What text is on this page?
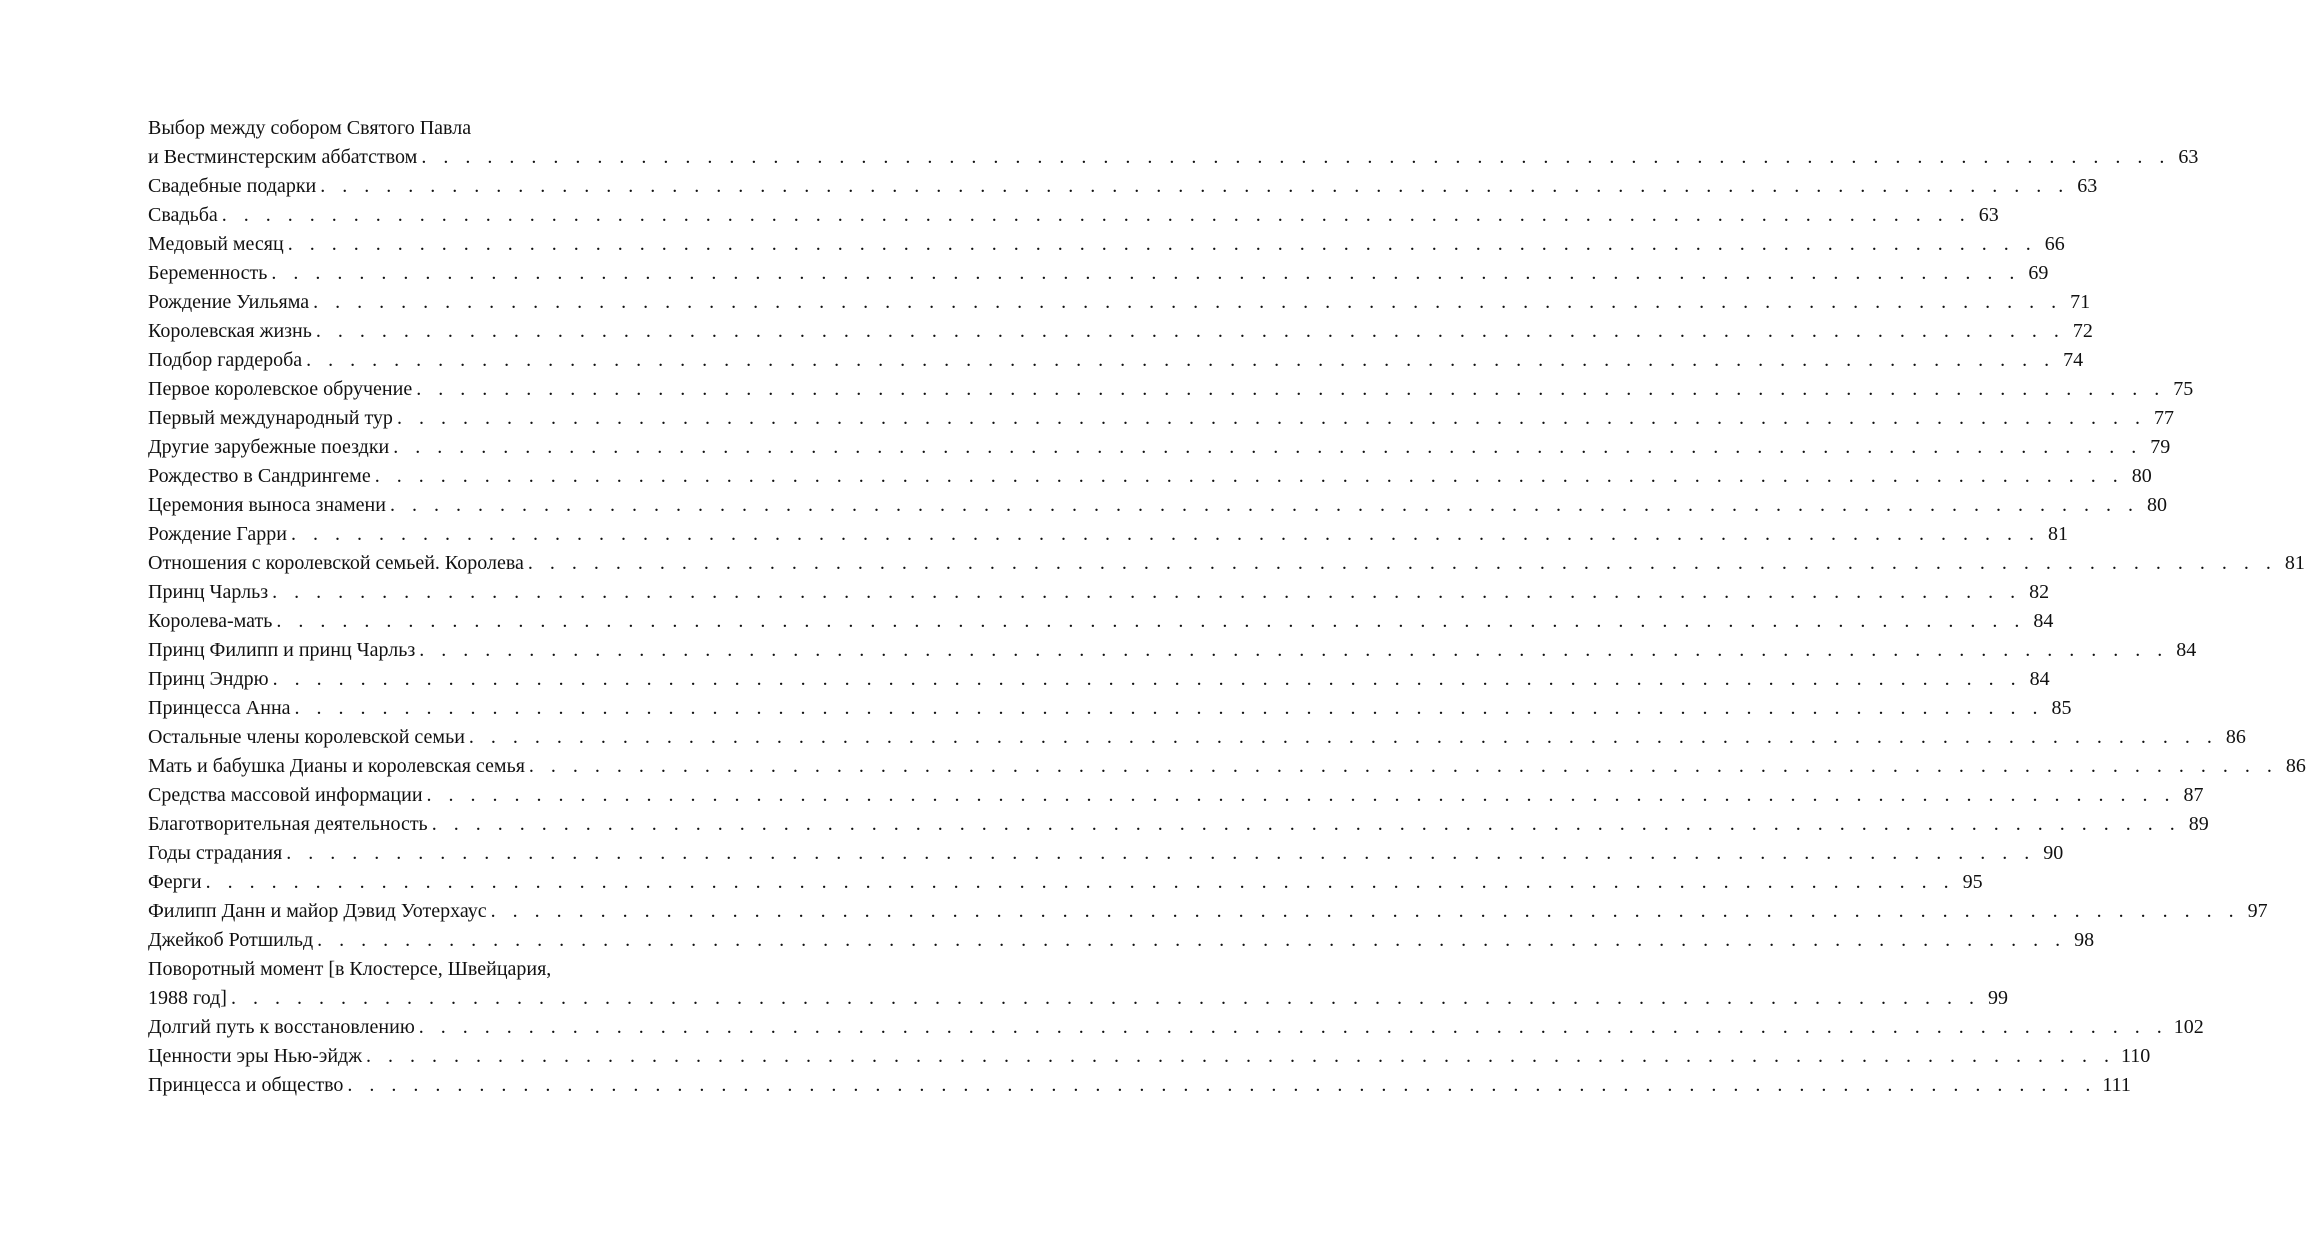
Выбор между собором Святого Павла
и Вестминстерским аббатством . . . . . . . . . . . . . . . . . . . . . . . . . . . . . . . . . . . . . . . . . . . . . . . . . . . . . . . . . . . . . . . . . . . . . . . . . . . . . . . . 63
Свадебные подарки . . . . . . . . . . . . . . . . . . . . . . . . . . . . . . . . . . . . . . . . . . . . . . . . . . . . . . . . . . . . . . . . . . . . . . . . . . . . . . . . 63
Свадьба . . . . . . . . . . . . . . . . . . . . . . . . . . . . . . . . . . . . . . . . . . . . . . . . . . . . . . . . . . . . . . . . . . . . . . . . . . . . . . . . 63
Медовый месяц . . . . . . . . . . . . . . . . . . . . . . . . . . . . . . . . . . . . . . . . . . . . . . . . . . . . . . . . . . . . . . . . . . . . . . . . . . . . . . . . 66
Беременность . . . . . . . . . . . . . . . . . . . . . . . . . . . . . . . . . . . . . . . . . . . . . . . . . . . . . . . . . . . . . . . . . . . . . . . . . . . . . . . . 69
Рождение Уильяма . . . . . . . . . . . . . . . . . . . . . . . . . . . . . . . . . . . . . . . . . . . . . . . . . . . . . . . . . . . . . . . . . . . . . . . . . . . . . . . . 71
Королевская жизнь . . . . . . . . . . . . . . . . . . . . . . . . . . . . . . . . . . . . . . . . . . . . . . . . . . . . . . . . . . . . . . . . . . . . . . . . . . . . . . . . 72
Подбор гардероба . . . . . . . . . . . . . . . . . . . . . . . . . . . . . . . . . . . . . . . . . . . . . . . . . . . . . . . . . . . . . . . . . . . . . . . . . . . . . . . . 74
Первое королевское обручение . . . . . . . . . . . . . . . . . . . . . . . . . . . . . . . . . . . . . . . . . . . . . . . . . . . . . . . . . . . . . . . . . . . . . . . . . . . . . . . . 75
Первый международный тур . . . . . . . . . . . . . . . . . . . . . . . . . . . . . . . . . . . . . . . . . . . . . . . . . . . . . . . . . . . . . . . . . . . . . . . . . . . . . . . . 77
Другие зарубежные поездки . . . . . . . . . . . . . . . . . . . . . . . . . . . . . . . . . . . . . . . . . . . . . . . . . . . . . . . . . . . . . . . . . . . . . . . . . . . . . . . . 79
Рождество в Сандрингеме . . . . . . . . . . . . . . . . . . . . . . . . . . . . . . . . . . . . . . . . . . . . . . . . . . . . . . . . . . . . . . . . . . . . . . . . . . . . . . . . 80
Церемония выноса знамени . . . . . . . . . . . . . . . . . . . . . . . . . . . . . . . . . . . . . . . . . . . . . . . . . . . . . . . . . . . . . . . . . . . . . . . . . . . . . . . . 80
Рождение Гарри . . . . . . . . . . . . . . . . . . . . . . . . . . . . . . . . . . . . . . . . . . . . . . . . . . . . . . . . . . . . . . . . . . . . . . . . . . . . . . . . 81
Отношения с королевской семьей. Королева . . . . . . . . . . . . . . . . . . . . . . . . . . . . . . . . . . . . . . . . . . . . . . . . . . . . . . . . . . . . . . . . . . . . . . . . . . . . . . . . 81
Принц Чарльз . . . . . . . . . . . . . . . . . . . . . . . . . . . . . . . . . . . . . . . . . . . . . . . . . . . . . . . . . . . . . . . . . . . . . . . . . . . . . . . . 82
Королева-мать . . . . . . . . . . . . . . . . . . . . . . . . . . . . . . . . . . . . . . . . . . . . . . . . . . . . . . . . . . . . . . . . . . . . . . . . . . . . . . . . 84
Принц Филипп и принц Чарльз . . . . . . . . . . . . . . . . . . . . . . . . . . . . . . . . . . . . . . . . . . . . . . . . . . . . . . . . . . . . . . . . . . . . . . . . . . . . . . . . 84
Принц Эндрю . . . . . . . . . . . . . . . . . . . . . . . . . . . . . . . . . . . . . . . . . . . . . . . . . . . . . . . . . . . . . . . . . . . . . . . . . . . . . . . . 84
Принцесса Анна . . . . . . . . . . . . . . . . . . . . . . . . . . . . . . . . . . . . . . . . . . . . . . . . . . . . . . . . . . . . . . . . . . . . . . . . . . . . . . . . 85
Остальные члены королевской семьи . . . . . . . . . . . . . . . . . . . . . . . . . . . . . . . . . . . . . . . . . . . . . . . . . . . . . . . . . . . . . . . . . . . . . . . . . . . . . . . . 86
Мать и бабушка Дианы и королевская семья . . . . . . . . . . . . . . . . . . . . . . . . . . . . . . . . . . . . . . . . . . . . . . . . . . . . . . . . . . . . . . . . . . . . . . . . . . . . . . . . 86
Средства массовой информации . . . . . . . . . . . . . . . . . . . . . . . . . . . . . . . . . . . . . . . . . . . . . . . . . . . . . . . . . . . . . . . . . . . . . . . . . . . . . . . . 87
Благотворительная деятельность . . . . . . . . . . . . . . . . . . . . . . . . . . . . . . . . . . . . . . . . . . . . . . . . . . . . . . . . . . . . . . . . . . . . . . . . . . . . . . . . 89
Годы страдания . . . . . . . . . . . . . . . . . . . . . . . . . . . . . . . . . . . . . . . . . . . . . . . . . . . . . . . . . . . . . . . . . . . . . . . . . . . . . . . . 90
Ферги . . . . . . . . . . . . . . . . . . . . . . . . . . . . . . . . . . . . . . . . . . . . . . . . . . . . . . . . . . . . . . . . . . . . . . . . . . . . . . . . 95
Филипп Данн и майор Дэвид Уотерхаус . . . . . . . . . . . . . . . . . . . . . . . . . . . . . . . . . . . . . . . . . . . . . . . . . . . . . . . . . . . . . . . . . . . . . . . . . . . . . . . . 97
Джейкоб Ротшильд . . . . . . . . . . . . . . . . . . . . . . . . . . . . . . . . . . . . . . . . . . . . . . . . . . . . . . . . . . . . . . . . . . . . . . . . . . . . . . . . 98
Поворотный момент [в Клостерсе, Швейцария,
1988 год] . . . . . . . . . . . . . . . . . . . . . . . . . . . . . . . . . . . . . . . . . . . . . . . . . . . . . . . . . . . . . . . . . . . . . . . . . . . . . . . . 99
Долгий путь к восстановлению . . . . . . . . . . . . . . . . . . . . . . . . . . . . . . . . . . . . . . . . . . . . . . . . . . . . . . . . . . . . . . . . . . . . . . . . . . . . . . . . 102
Ценности эры Нью-эйдж . . . . . . . . . . . . . . . . . . . . . . . . . . . . . . . . . . . . . . . . . . . . . . . . . . . . . . . . . . . . . . . . . . . . . . . . . . . . . . . . 110
Принцесса и общество . . . . . . . . . . . . . . . . . . . . . . . . . . . . . . . . . . . . . . . . . . . . . . . . . . . . . . . . . . . . . . . . . . . . . . . . . . . . . . . . 111
